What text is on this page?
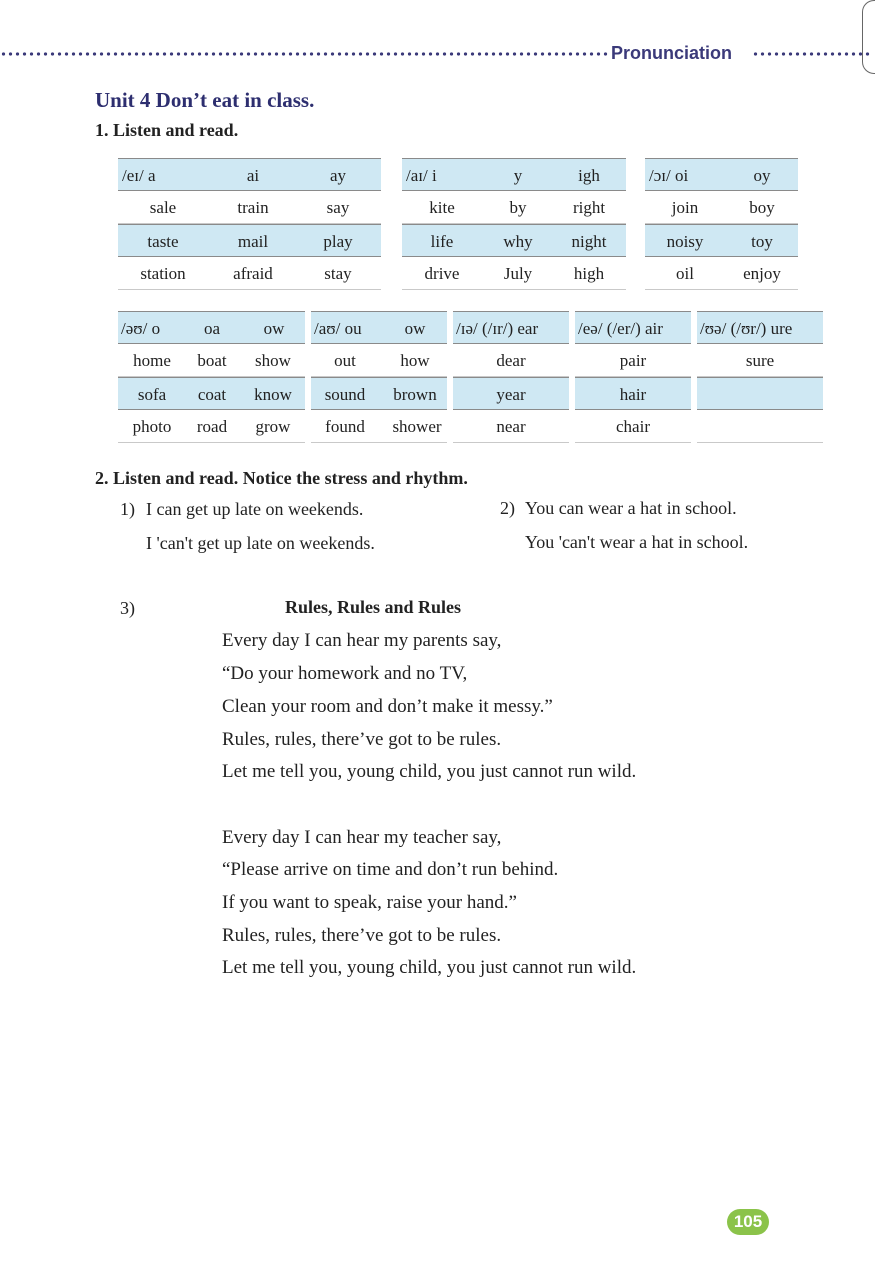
Pronunciation
Unit 4 Don’t eat in class.
1. Listen and read.
/eɪ/ a	ai	ay
sale	train	say
taste	mail	play
station	afraid	stay
/aɪ/ i	y	igh
kite	by	right
life	why	night
drive	July	high
/ɔɪ/ oi	oy
join	boy
noisy	toy
oil	enjoy
/əʊ/ o	oa	ow
home	boat	show
sofa	coat	know
photo	road	grow
/aʊ/ ou	ow
out	how
sound	brown
found	shower
/ɪə/ (/ɪr/) ear
dear
year
near
/eə/ (/er/) air
pair
hair
chair
/ʊə/ (/ʊr/) ure
sure
2. Listen and read. Notice the stress and rhythm.
1) I can get up late on weekends.
I 'can't get up late on weekends.
2) You can wear a hat in school.
You 'can't wear a hat in school.
3)	Rules, Rules and Rules
Every day I can hear my parents say,
“Do your homework and no TV,
Clean your room and don’t make it messy.”
Rules, rules, there’ve got to be rules.
Let me tell you, young child, you just cannot run wild.
Every day I can hear my teacher say,
“Please arrive on time and don’t run behind.
If you want to speak, raise your hand.”
Rules, rules, there’ve got to be rules.
Let me tell you, young child, you just cannot run wild.
105
